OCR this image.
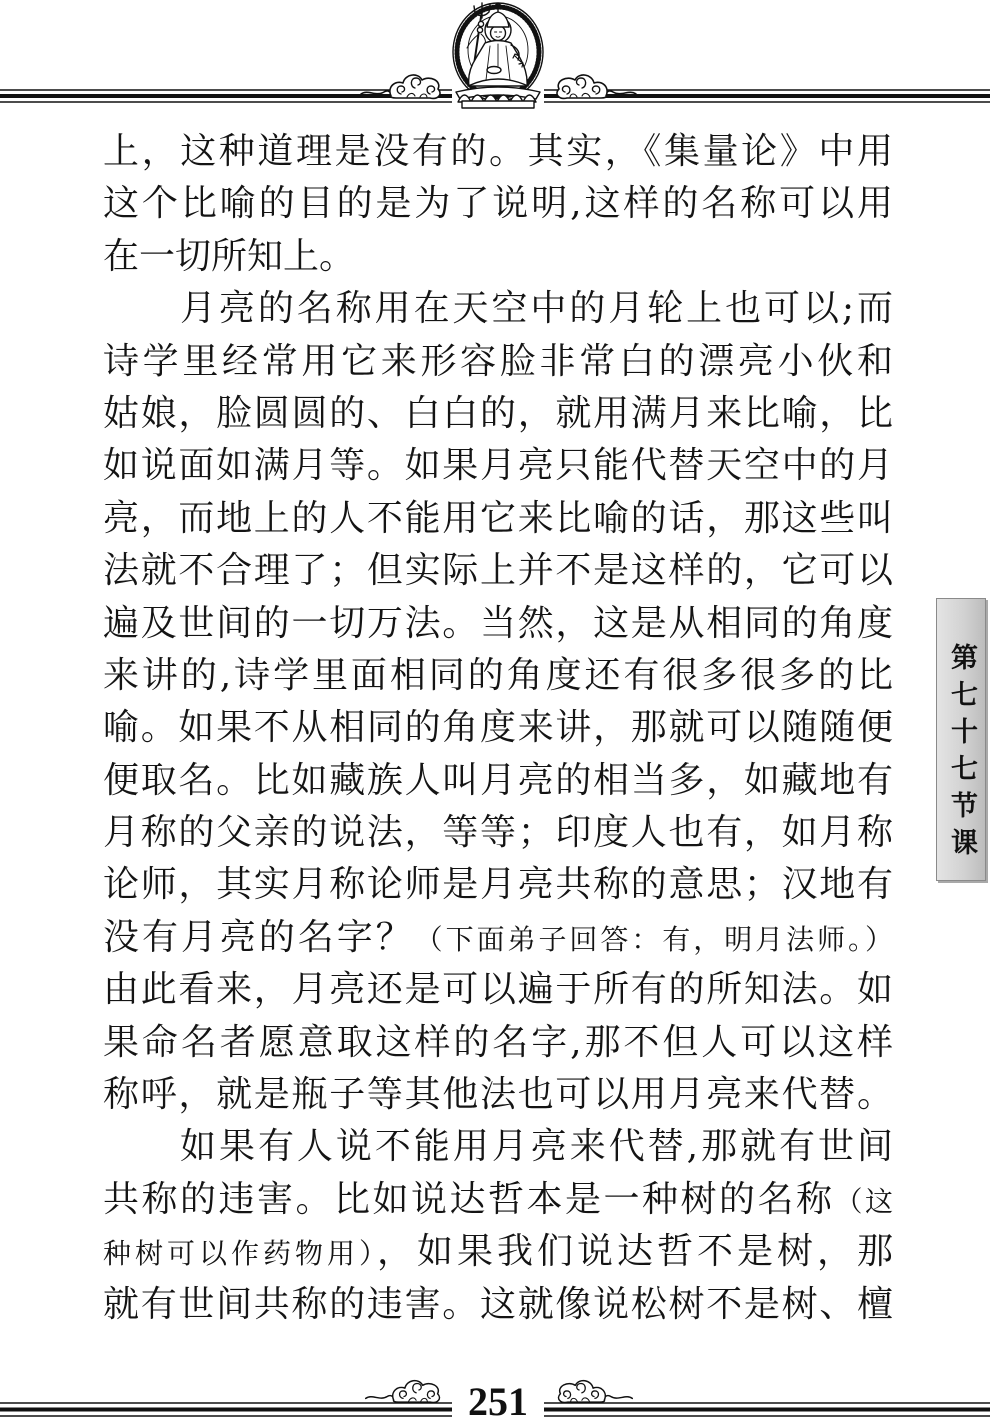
上，这种道理是没有的。其实，《集量论》中用
这个比喻的目的是为了说明,这样的名称可以用
在一切所知上。
月亮的名称用在天空中的月轮上也可以;而
诗学里经常用它来形容脸非常白的漂亮小伙和
姑娘，脸圆圆的、白白的，就用满月来比喻，比
如说面如满月等。如果月亮只能代替天空中的月
亮，而地上的人不能用它来比喻的话，那这些叫
法就不合理了；但实际上并不是这样的，它可以
遍及世间的一切万法。当然，这是从相同的角度
来讲的,诗学里面相同的角度还有很多很多的比
喻。如果不从相同的角度来讲，那就可以随随便
便取名。比如藏族人叫月亮的相当多，如藏地有
月称的父亲的说法，等等；印度人也有，如月称
论师，其实月称论师是月亮共称的意思；汉地有
没有月亮的名字？（下面弟子回答：有，明月法师。）
由此看来，月亮还是可以遍于所有的所知法。如
果命名者愿意取这样的名字,那不但人可以这样
称呼，就是瓶子等其他法也可以用月亮来代替。
如果有人说不能用月亮来代替,那就有世间
共称的违害。比如说达哲本是一种树的名称（这
种树可以作药物用），如果我们说达哲不是树，那
就有世间共称的违害。这就像说松树不是树、檀
第七十七节课
251
